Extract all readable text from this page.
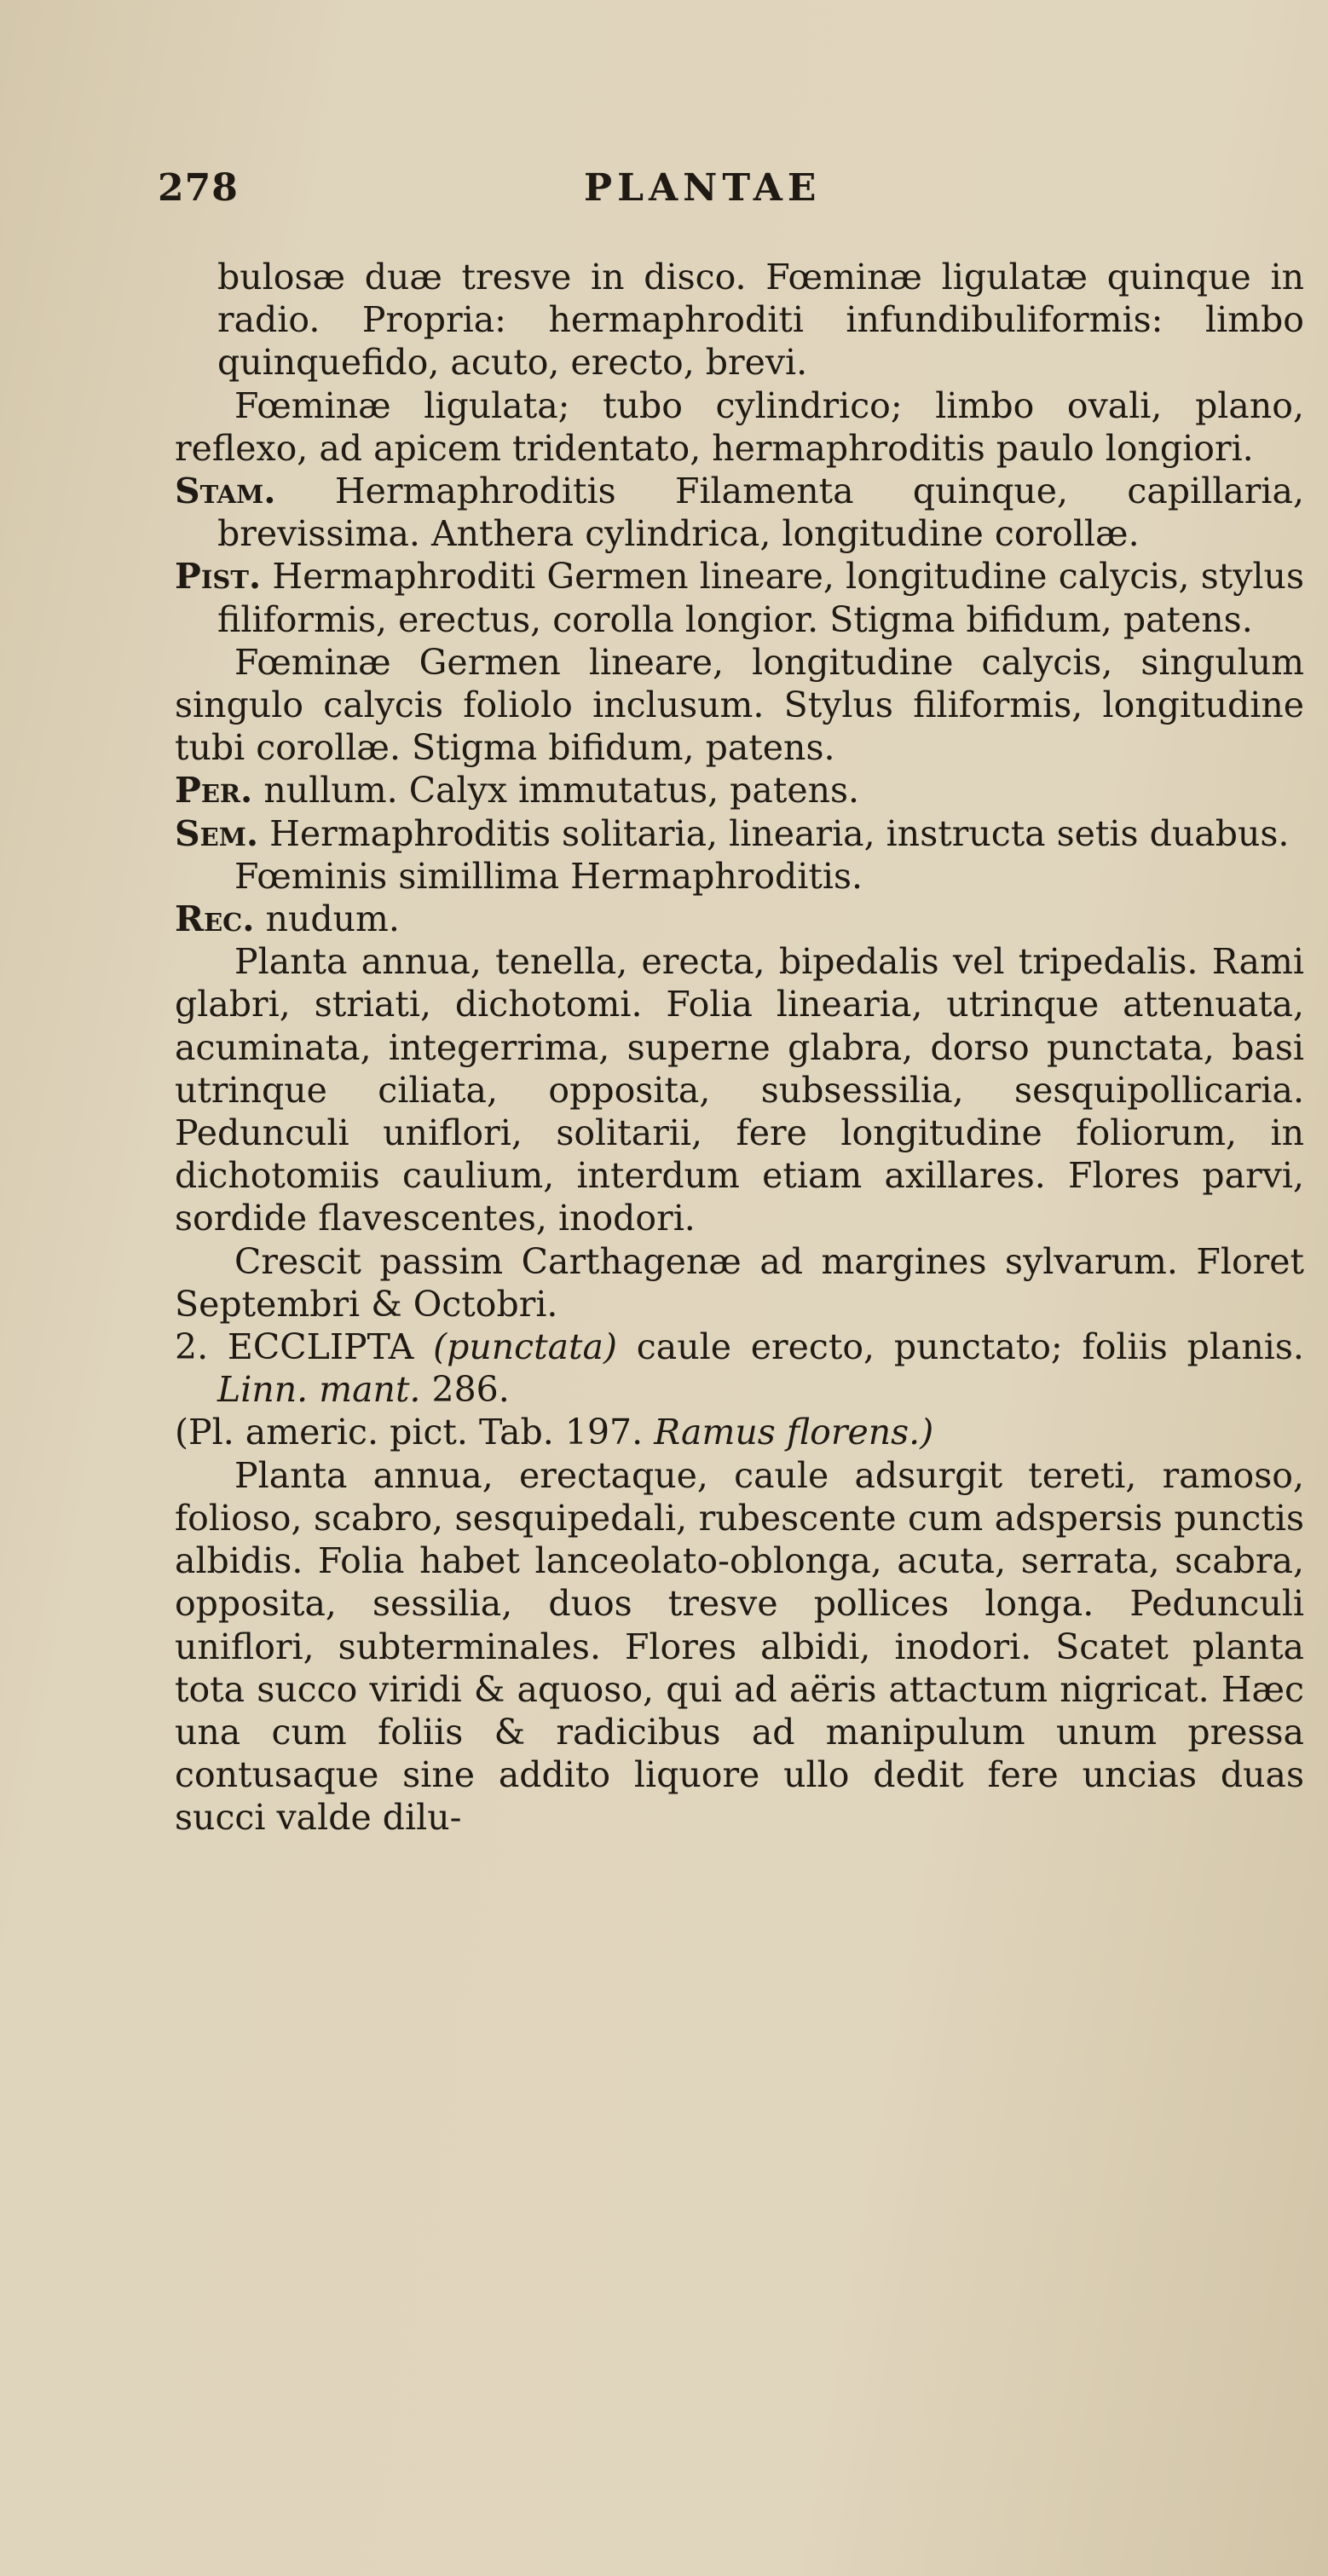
278	PLANTAE

bulosæ duæ tresve in disco. Fœminæ ligulatæ quinque in radio. Propria: hermaphroditi infundibuliformis: limbo quinquefido, acuto, erecto, brevi.

Fœminæ ligulata; tubo cylindrico; limbo ovali, plano, reflexo, ad apicem tridentato, hermaphroditis paulo longiori.

Stam. Hermaphroditis Filamenta quinque, capillaria, brevissima. Anthera cylindrica, longitudine corollæ.

Pist. Hermaphroditi Germen lineare, longitudine calycis, stylus filiformis, erectus, corolla longior. Stigma bifidum, patens.

Fœminæ Germen lineare, longitudine calycis, singulum singulo calycis foliolo inclusum. Stylus filiformis, longitudine tubi corollæ. Stigma bifidum, patens.

Per. nullum. Calyx immutatus, patens.

Sem. Hermaphroditis solitaria, linearia, instructa setis duabus.

Fœminis simillima Hermaphroditis.

Rec. nudum.

Planta annua, tenella, erecta, bipedalis vel tripedalis. Rami glabri, striati, dichotomi. Folia linearia, utrinque attenuata, acuminata, integerrima, superne glabra, dorso punctata, basi utrinque ciliata, opposita, subsessilia, sesquipollicaria. Pedunculi uniflori, solitarii, fere longitudine foliorum, in dichotomiis caulium, interdum etiam axillares. Flores parvi, sordide flavescentes, inodori.

Crescit passim Carthagenæ ad margines sylvarum. Floret Septembri & Octobri.

2. ECCLIPTA (punctata) caule erecto, punctato; foliis planis. Linn. mant. 286.

(Pl. americ. pict. Tab. 197. Ramus florens.)

Planta annua, erectaque, caule adsurgit tereti, ramoso, folioso, scabro, sesquipedali, rubescente cum adspersis punctis albidis. Folia habet lanceolato-oblonga, acuta, serrata, scabra, opposita, sessilia, duos tresve pollices longa. Pedunculi uniflori, subterminales. Flores albidi, inodori. Scatet planta tota succo viridi & aquoso, qui ad aëris attactum nigricat. Hæc una cum foliis & radicibus ad manipulum unum pressa contusaque sine addito liquore ullo dedit fere uncias duas succi valde dilu-
